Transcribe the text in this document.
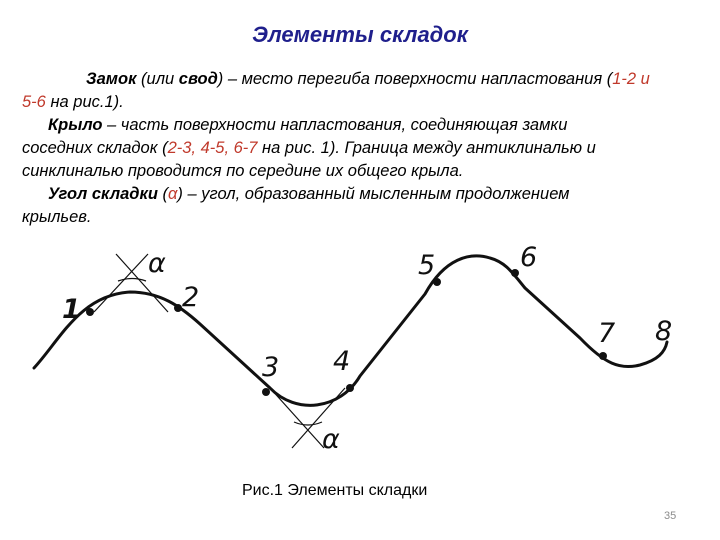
Элементы складок

Замок (или свод) – место перегиба поверхности напластования (1-2 и

5-6 на рис.1).

Крыло – часть поверхности напластования, соединяющая замки

соседних складок (2-3, 4-5, 6-7 на рис. 1). Граница между антиклиналью и

синклиналью проводится по середине их общего крыла.

Угол складки (α) – угол, образованный мысленным продолжением

крыльев.

1	2
3 4
5	6
7 8
α
α
Рис.1 Элементы складки
35
